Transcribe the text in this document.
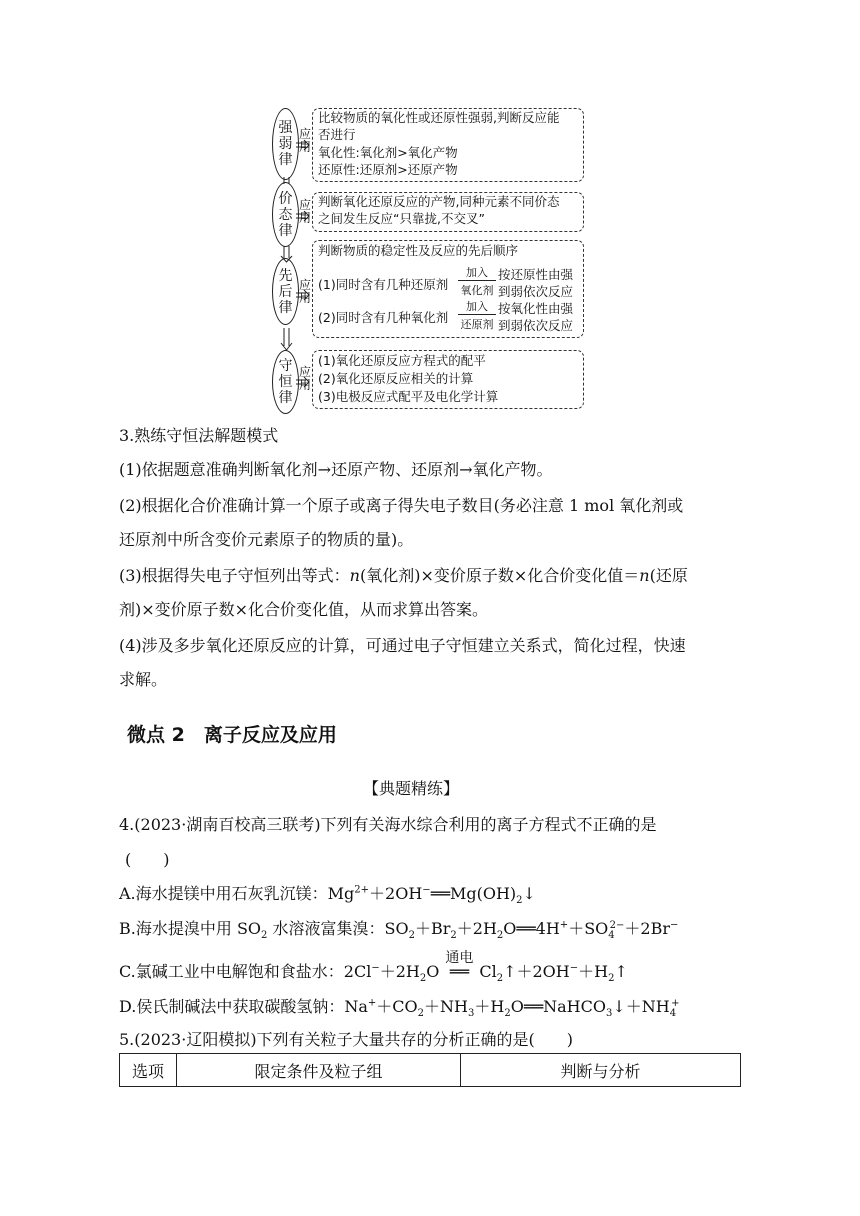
强
弱
律
应
用
比较物质的氧化性或还原性强弱,判断反应能
否进行
氧化性:氧化剂>氧化产物
还原性:还原剂>还原产物
价
态
律
应
用
判断氧化还原反应的产物,同种元素不同价态
之间发生反应“只靠拢,不交叉”
先
后
律
应
用
判断物质的稳定性及反应的先后顺序
(1)同时含有几种还原剂
加入
氧化剂
按还原性由强
到弱依次反应
(2)同时含有几种氧化剂
加入
还原剂
按氧化性由强
到弱依次反应
守
恒
律
应
用
(1)氧化还原反应方程式的配平
(2)氧化还原反应相关的计算
(3)电极反应式配平及电化学计算
3.熟练守恒法解题模式
(1)依据题意准确判断氧化剂→还原产物、还原剂→氧化产物。
(2)根据化合价准确计算一个原子或离子得失电子数目(务必注意 1 mol 氧化剂或
还原剂中所含变价元素原子的物质的量)。
(3)根据得失电子守恒列出等式：n(氧化剂)×变价原子数×化合价变化值＝n(还原
剂)×变价原子数×化合价变化值，从而求算出答案。
(4)涉及多步氧化还原反应的计算，可通过电子守恒建立关系式，简化过程，快速
求解。
微点 2　离子反应及应用
【典题精练】
4.(2023·湖南百校高三联考)下列有关海水综合利用的离子方程式不正确的是
(　　)
A.海水提镁中用石灰乳沉镁：$Mg^{2+}+2OH^-══Mg(OH)_2↓$
B.海水提溴中用 $SO_2$ 水溶液富集溴：$SO_2+Br_2+2H_2O══4H^++SO_4^{2-}+2Br^-$
C.氯碱工业中电解饱和食盐水：$2Cl^-+2H_2O$
通电
══ $Cl_2↑+2OH^-+H_2↑$
D.侯氏制碱法中获取碳酸氢钠：$Na^++CO_2+NH_3+H_2O══NaHCO_3↓+NH_4^+$
5.(2023·辽阳模拟)下列有关粒子大量共存的分析正确的是(　　)
选项	限定条件及粒子组	判断与分析
